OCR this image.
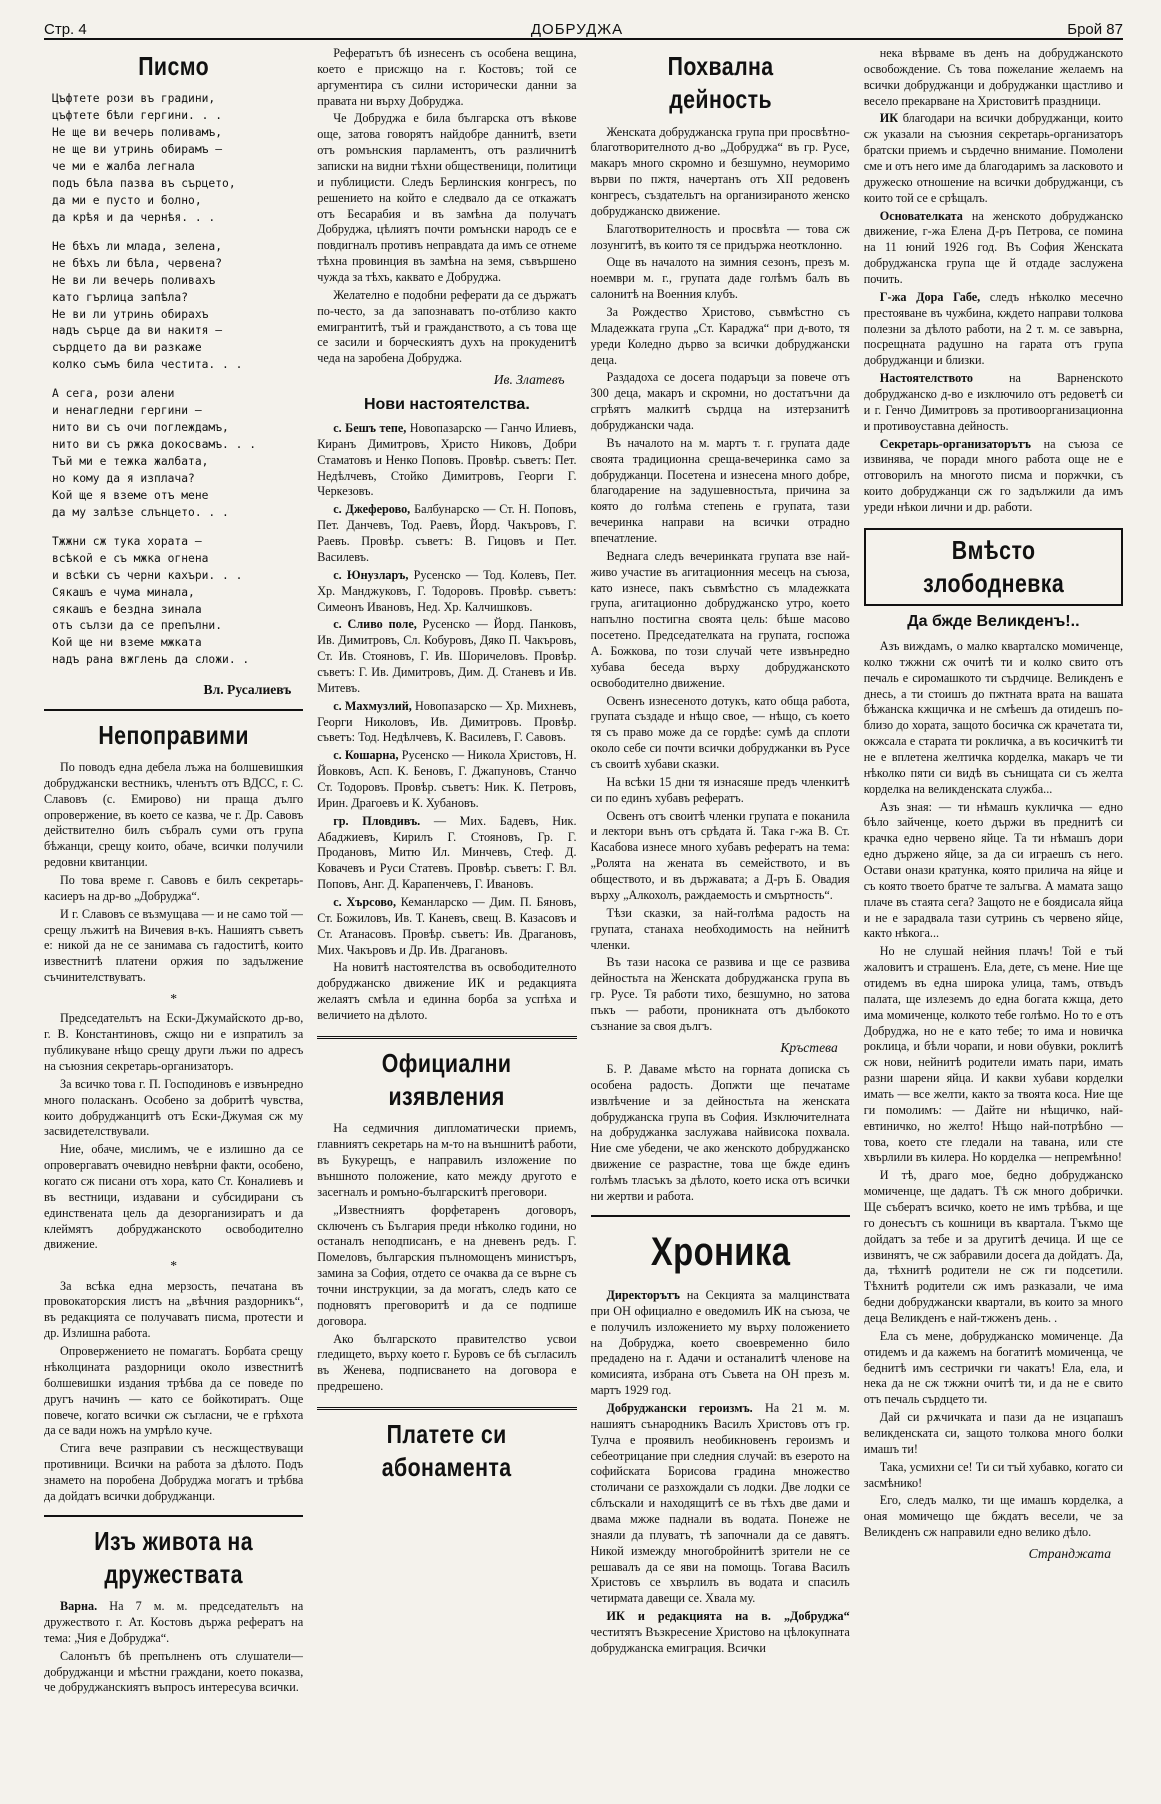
Стр. 4	ДОБРУДЖА	Брой 87
Писмо
Цъфтете рози въ градини,
цъфтете бѣли гергини. . .
Не ще ви вечерь поливамъ,
не ще ви утринь обирамъ —
че ми е жалба легнала
подъ бѣла пазва въ сърцето,
да ми е пусто и болно,
да крѣя и да чернѣя. . .
Не бѣхъ ли млада, зелена,
не бѣхъ ли бѣла, червена?
Не ви ли вечерь поливахъ
като гърлица запѣла?
Не ви ли утринь обирахъ
надъ сърце да ви накитя —
сърдцето да ви разкаже
колко съмъ била честита. . .
А сега, рози алени
и ненагледни гергини —
нито ви съ очи поглеждамъ,
нито ви съ ржка докосвамъ. . .
Тъй ми е тежка жалбата,
но кому да я изплача?
Кой ще я вземе отъ мене
да му залѣзе слънцето. . .
Тжжни сж тука хората —
всѣкой е съ мжка огнена
и всѣки съ черни кахъри. . .
Сякашъ е чума минала,
сякашъ е бездна зинала
отъ сълзи да се препълни.
Кой ще ни вземе мжката
надъ рана вжглень да сложи. .
Вл. Русалиевъ
Непоправими

По поводъ една дебела лъжа на болшевишкия добруджански вестникъ, членътъ отъ ВДСС, г. С. Славовъ (с. Емирово) ни праща дълго опровержение, въ което се казва, че г. Др. Савовъ действително билъ събралъ суми отъ група бѣжанци, срещу които, обаче, всички получили редовни квитанции.

По това време г. Савовъ е билъ секретарь-касиеръ на др-во „Добруджа“.

И г. Славовъ се възмущава — и не само той — срещу лъжитѣ на Вичевия в-къ. Нашиятъ съветъ е: никой да не се занимава съ гадоститѣ, които известнитѣ платени оржия по задължение съчинителствуватъ.

*

Председательтъ на Ески-Джумайското др-во, г. В. Константиновъ, сжщо ни е изпратилъ за публикуване нѣщо срещу други лъжи по адресъ на съюзния секретарь-организаторъ.

За всичко това г. П. Господиновъ е извънредно много поласканъ. Особено за добритѣ чувства, които добруджанцитѣ отъ Ески-Джумая сж му засвидетелствували.

Ние, обаче, мислимъ, че е излишно да се опровергаватъ очевидно невѣрни факти, особено, когато сж писани отъ хора, като Ст. Коналиевъ и въ вестници, издавани и субсидирани съ единствената цель да дезорганизиратъ и да клеймятъ добруджанското освободително движение.

*

За всѣка една мерзость, печатана въ провокаторския листъ на „вѣчния раздорникъ“, въ редакцията се получаватъ писма, протести и др. Излишна работа.

Опровержението не помагатъ. Борбата срещу нѣколцината раздорници около известнитѣ болшевишки издания трѣбва да се поведе по другъ начинъ — като се бойкотиратъ. Още повече, когато всички сж съгласни, че е грѣхота да се вади ножъ на умрѣло куче.

Стига вече разправии съ несжществуващи противници. Всички на работа за дѣлото. Подъ знамето на поробена Добруджа могатъ и трѣбва да дойдатъ всички добруджанци.

Изъ живота на дружествата

Варна. На 7 м. м. председательтъ на дружеството г. Ат. Костовъ държа рефератъ на тема: „Чия е Добруджа“.

Салонътъ бѣ препълненъ отъ слушатели—добруджанци и мѣстни граждани, което показва, че добруджанскиятъ въпросъ интересува всички.

Рефератътъ бѣ изнесенъ съ особена вещина, което е присжщо на г. Костовъ; той се аргументира съ силни исторически данни за правата ни върху Добруджа.

Че Добруджа е била българска отъ вѣкове още, затова говорятъ найдобре даннитѣ, взети отъ ромънския парламентъ, отъ различнитѣ записки на видни тѣхни общественици, политици и публицисти. Следъ Берлинския конгресъ, по решението на който е следвало да се откажатъ отъ Бесарабия и въ замѣна да получатъ Добруджа, цѣлиятъ почти ромънски народъ се е повдигналъ противъ неправдата да имъ се отнеме тѣхна провинция въ замѣна на земя, съвършено чужда за тѣхъ, каквато е Добруджа.

Желателно е подобни реферати да се държатъ по-често, за да запознаватъ по-отблизо както емигрантитѣ, тъй и гражданството, а съ това ще се засили и борческиятъ духъ на прокуденитѣ чеда на заробена Добруджа.

Ив. Златевъ
Нови настоятелства.

с. Бешъ тепе, Новопазарско — Ганчо Илиевъ, Киранъ Димитровъ, Христо Никовъ, Добри Стаматовъ и Ненко Поповъ. Провѣр. съветъ: Пет. Недѣлчевъ, Стойко Димитровъ, Георги Г. Черкезовъ.

с. Джеферово, Балбунарско — Ст. Н. Поповъ, Пет. Данчевъ, Тод. Раевъ, Йорд. Чакъровъ, Г. Раевъ. Провѣр. съветъ: В. Гицовъ и Пет. Василевъ.

с. Юнузларъ, Русенско — Тод. Колевъ, Пет. Хр. Манджуковъ, Г. Тодоровъ. Провѣр. съветъ: Симеонъ Ивановъ, Нед. Хр. Калчишковъ.

с. Сливо поле, Русенско — Йорд. Панковъ, Ив. Димитровъ, Сл. Кобуровъ, Дяко П. Чакъровъ, Ст. Ив. Стояновъ, Г. Ив. Шоричеловъ. Провѣр. съветъ: Г. Ив. Димитровъ, Дим. Д. Станевъ и Ив. Митевъ.

с. Махмузлий, Новопазарско — Хр. Михневъ, Георги Николовъ, Ив. Димитровъ. Провѣр. съветъ: Тод. Недѣлчевъ, К. Василевъ, Г. Савовъ.

с. Кошарна, Русенско — Никола Христовъ, Н. Йовковъ, Асп. К. Беновъ, Г. Джапуновъ, Станчо Ст. Тодоровъ. Провѣр. съветъ: Ник. К. Петровъ, Ирин. Драгоевъ и К. Хубановъ.

гр. Пловдивъ. — Мих. Бадевъ, Ник. Абаджиевъ, Кирилъ Г. Стояновъ, Гр. Г. Продановъ, Митю Ил. Минчевъ, Стеф. Д. Ковачевъ и Руси Статевъ. Провѣр. съветъ: Г. Вл. Поповъ, Анг. Д. Карапенчевъ, Г. Ивановъ.

с. Хърсово, Кеманларско — Дим. П. Бяновъ, Ст. Божиловъ, Ив. Т. Каневъ, свещ. В. Казасовъ и Ст. Атанасовъ. Провѣр. съветъ: Ив. Драгановъ, Мих. Чакъровъ и Др. Ив. Драгановъ.

На новитѣ настоятелства въ освободителното добруджанско движение ИК и редакцията желаятъ смѣла и единна борба за успѣха и величието на дѣлото.

Официални изявления

На седмичния дипломатически приемъ, главниятъ секретарь на м-то на външнитѣ работи, въ Букурещъ, е направилъ изложение по външното положение, като между другото е засегналъ и ромъно-българскитѣ преговори.

„Известниятъ форфетаренъ договоръ, сключенъ съ България преди нѣколко години, но останалъ неподписанъ, е на дневенъ редъ. Г. Помеловъ, българския пълномощенъ министъръ, замина за София, отдето се очаква да се върне съ точни инструкции, за да могатъ, следъ като се подновятъ преговоритѣ и да се подпише договора.

Ако българското правителство усвои гледището, върху което г. Буровъ се бѣ съгласилъ въ Женева, подписването на договора е предрешено.

Платете си абонамента
Похвална дейность

Женската добруджанска група при просвѣтно-благотворителното д-во „Добруджа“ въ гр. Русе, макаръ много скромно и безшумно, неуморимо върви по пжтя, начертанъ отъ XII редовенъ конгресъ, създательтъ на организираното женско добруджанско движение.

Благотворителность и просвѣта — това сж лозунгитѣ, въ които тя се придържа неотклонно.

Още въ началото на зимния сезонъ, презъ м. ноември м. г., групата даде голѣмъ балъ въ салонитѣ на Военния клубъ.

За Рождество Христово, съвмѣстно съ Младежката група „Ст. Караджа“ при д-вото, тя уреди Коледно дърво за всички добруджански деца.

Раздадоха се досега подаръци за повече отъ 300 деца, макаръ и скромни, но достатъчни да сгрѣятъ малкитѣ сърдца на изтерзанитѣ добруджански чада.

Въ началото на м. мартъ т. г. групата даде своята традиционна среща-вечеринка само за добруджанци. Посетена и изнесена много добре, благодарение на задушевностьта, причина за която до голѣма степень е групата, тази вечеринка направи на всички отрадно впечатление.

Веднага следъ вечеринката групата взе най-живо участие въ агитационния месецъ на съюза, като изнесе, пакъ съвмѣстно съ младежката група, агитационно добруджанско утро, което напълно постигна своята цель: бѣше масово посетено. Председателката на групата, госпожа А. Божкова, по този случай чете извънредно хубава беседа върху добруджанското освободително движение.

Освенъ изнесеното дотукъ, като обща работа, групата създаде и нѣщо свое, — нѣщо, съ което тя съ право може да се гордѣе: сумѣ да сплоти около себе си почти всички добруджанки въ Русе съ своитѣ хубави сказки.

На всѣки 15 дни тя изнасяше предъ членкитѣ си по единъ хубавъ рефератъ.

Освенъ отъ своитѣ членки групата е поканила и лектори вънъ отъ срѣдата й. Така г-жа В. Ст. Касабова изнесе много хубавъ рефератъ на тема: „Ролята на жената въ семейството, и въ обществото, и въ държавата; а Д-ръ Б. Овадия върху „Алкохолъ, раждаемость и смъртность“.

Тѣзи сказки, за най-голѣма радость на групата, станаха необходимость на нейнитѣ членки.

Въ тази насока се развива и ще се развива дейностьта на Женската добруджанска група въ гр. Русе. Тя работи тихо, безшумно, но затова пъкъ — работи, проникната отъ дълбокото съзнание за своя дългъ.

Кръстева

Б. Р. Даваме мѣсто на горната дописка съ особена радость. Допжти ще печатаме извлѣчение и за дейностьта на женската добруджанска група въ София. Изключителната на добруджанка заслужава найвисока похвала. Ние сме убедени, че ако женското добруджанско движение се разрастне, това ще бжде единъ голѣмъ тласъкъ за дѣлото, което иска отъ всички ни жертви и работа.

Хроника

Директорътъ на Секцията за малцинствата при ОН официално е оведомилъ ИК на съюза, че е получилъ изложението му върху положението на Добруджа, което своевременно било предадено на г. Адачи и останалитѣ членове на комисията, избрана отъ Съвета на ОН презъ м. мартъ 1929 год.

Добруджански героизмъ. На 21 м. м. нашиятъ сънародникъ Василъ Христовъ отъ гр. Тулча е проявилъ необикновенъ героизмъ и себеотрицание при следния случай: въ езерото на софийската Борисова градина множество столичани се разхождали съ лодки. Две лодки се сблъскали и находящитѣ се въ тѣхъ две дами и двама мжже паднали въ водата. Понеже не знаяли да плуватъ, тѣ започнали да се давятъ. Никой измежду многобройнитѣ зрители не се решавалъ да се яви на помощь. Тогава Василъ Христовъ се хвърлилъ въ водата и спасилъ четирмата давещи се. Хвала му.

ИК и редакцията на в. „Добруджа“ честитятъ Възкресение Христово на цѣлокупната добруджанска емиграция. Всички

нека вѣрваме въ денъ на добруджанското освобождение. Съ това пожелание желаемъ на всички добруджанци и добруджанки щастливо и весело прекарване на Христовитѣ праздници.

ИК благодари на всички добруджанци, които сж указали на съюзния секретарь-организаторъ братски приемъ и сърдечно внимание. Помолени сме и отъ него име да благодаримъ за ласковото и дружеско отношение на всички добруджанци, съ които той се е срѣщалъ.

Основателката на женското добруджанско движение, г-жа Елена Д-ръ Петрова, се помина на 11 юний 1926 год. Въ София Женската добруджанска група ще й отдаде заслужена почить.

Г-жа Дора Габе, следъ нѣколко месечно престояване въ чужбина, кждето направи толкова полезни за дѣлото работи, на 2 т. м. се завърна, посрещната радушно на гарата отъ група добруджанци и близки.

Настоятелството на Варненското добруджанско д-во е изключило отъ редоветѣ си и г. Генчо Димитровъ за противоорганизационна и противоуставна дейность.

Секретарь-организаторътъ на съюза се извинява, че поради много работа още не е отговорилъ на многото писма и поржчки, съ които добруджанци сж го задължили да имъ уреди нѣкои лични и др. работи.

Вмѣсто злободневка
Да бжде Великденъ!..

Азъ виждамъ, о малко кварталско момиченце, колко тжжни сж очитѣ ти и колко свито отъ печаль е сиромашкото ти сърдчице. Великденъ е днесь, а ти стоишъ до пжтната врата на вашата бѣжанска кжщичка и не смѣешъ да отидешъ по-близо до хората, защото босичка сж крачетата ти, окжсала е старата ти рокличка, а въ косичкитѣ ти не е вплетена желтичка корделка, макаръ че ти нѣколко пяти си видѣ въ сънищата си съ желта корделка на великденската служба...

Азъ зная: — ти нѣмашъ кукличка — едно бѣло зайченце, което държи въ преднитѣ си крачка едно червено яйце. Та ти нѣмашъ дори едно държено яйце, за да си играешъ съ него. Остави онази кратунка, която прилича на яйце и съ която твоето братче те залъгва. А мамата защо плаче въ стаята сега? Защото не е боядисала яйца и не е зарадвала тази сутринь съ червено яйце, както нѣкога...

Но не слушай нейния плачъ! Той е тъй жаловитъ и страшенъ. Ела, дете, съ мене. Ние ще отидемъ въ една широка улица, тамъ, отвъдъ палата, ще излеземъ до една богата кжща, дето има момиченце, колкото тебе голѣмо. Но то е отъ Добруджа, но не е като тебе; то има и новичка роклица, и бѣли чорапи, и нови обувки, роклитѣ сж нови, нейнитѣ родители имать пари, имать разни шарени яйца. И какви хубави корделки имать — все желти, както за твоята коса. Ние ще ги помолимъ: — Дайте ни нѣщичко, най-евтиничко, но желто! Нѣщо най-потрѣбно — това, което сте гледали на тавана, или сте хвърлили въ килера. Но корделка — непремѣнно!

И тѣ, драго мое, бедно добруджанско момиченце, ще дадатъ. Тѣ сж много добрички. Ще събератъ всичко, което не имъ трѣбва, и ще го донесътъ съ кошници въ квартала. Тъкмо ще дойдатъ за тебе и за другитѣ дечица. И ще се извинятъ, че сж забравили досега да дойдатъ. Да, да, тѣхнитѣ родители не сж ги подсетили. Тѣхнитѣ родители сж имъ разказали, че има бедни добруджански квартали, въ които за много деца Великденъ е най-тжженъ день. .

Ела съ мене, добруджанско момиченце. Да отидемъ и да кажемъ на богатитѣ момиченца, че беднитѣ имъ сестрички ги чакатъ! Ела, ела, и нека да не сж тжжни очитѣ ти, и да не е свито отъ печаль сърдцето ти.

Дай си рѫчичката и пази да не изцапашъ великденската си, защото толкова много болки имашъ ти!

Така, усмихни се! Ти си тъй хубавко, когато си засмѣнико!

Его, следъ малко, ти ще имашъ корделка, а оная момичещо ще бждатъ весели, че за Великденъ сж направили едно велико дѣло.

Странджата
